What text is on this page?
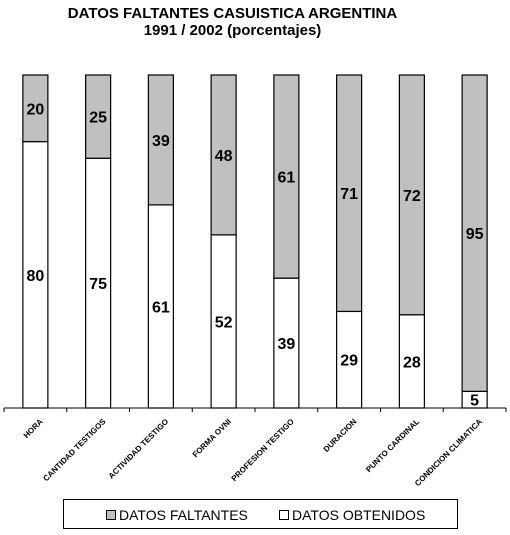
DATOS FALTANTES CASUISTICA ARGENTINA
1991 / 2002 (porcentajes)
80
20
HORA
75
25
CANTIDAD TESTIGOS
61
39
ACTIVIDAD TESTIGO
52
48
FORMA OVNI
39
61
PROFESION TESTIGO
29
71
DURACION
28
72
PUNTO CARDINAL
5
95
CONDICION CLIMATICA
DATOS FALTANTES	DATOS OBTENIDOS
